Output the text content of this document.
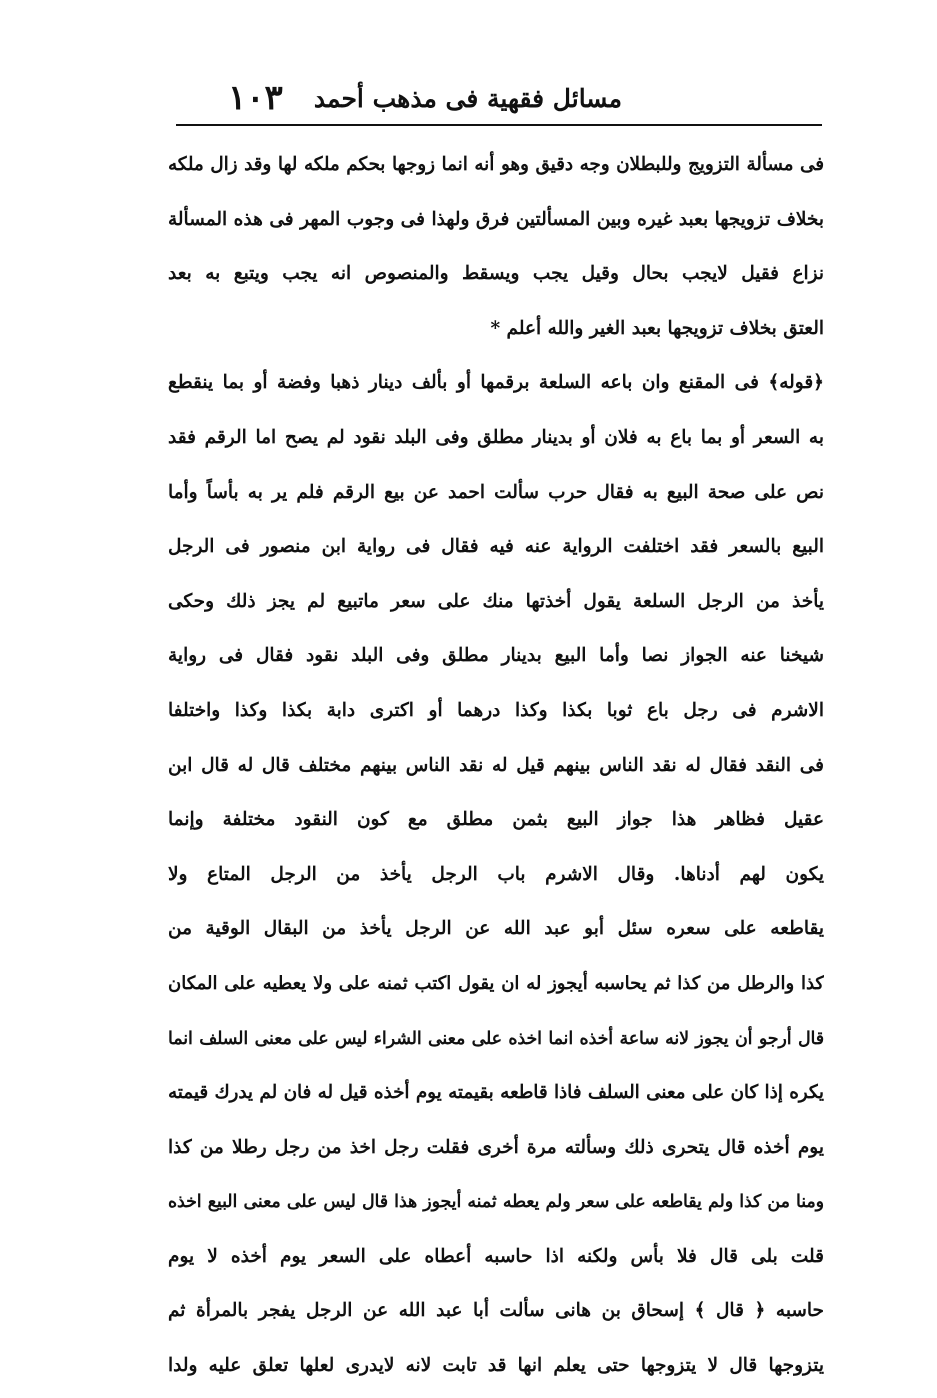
مسائل فقهية فى مذهب أحمد
١٠٣
فى مسألة التزويج وللبطلان وجه دقيق وهو أنه انما زوجها بحكم ملكه لها وقد زال ملكه
بخلاف تزويجها بعبد غيره وبين المسألتين فرق ولهذا فى وجوب المهر فى هذه المسألة
نزاع فقيل لايجب بحال وقيل يجب ويسقط والمنصوص انه يجب ويتبع به بعد
العتق بخلاف تزويجها بعبد الغير والله أعلم *
﴿قوله﴾ فى المقنع وان باعه السلعة برقمها أو بألف دينار ذهبا وفضة أو بما ينقطع
به السعر أو بما باع به فلان أو بدينار مطلق وفى البلد نقود لم يصح اما الرقم فقد
نص على صحة البيع به فقال حرب سألت احمد عن بيع الرقم فلم ير به بأساً وأما
البيع بالسعر فقد اختلفت الرواية عنه فيه فقال فى رواية ابن منصور فى الرجل
يأخذ من الرجل السلعة يقول أخذتها منك على سعر ماتبيع لم يجز ذلك وحكى
شيخنا عنه الجواز نصا وأما البيع بدينار مطلق وفى البلد نقود فقال فى رواية
الاشرم فى رجل باع ثوبا بكذا وكذا درهما أو اكترى دابة بكذا وكذا واختلفا
فى النقد فقال له نقد الناس بينهم قيل له نقد الناس بينهم مختلف قال له قال ابن
عقيل فظاهر هذا جواز البيع بثمن مطلق مع كون النقود مختلفة وإنما
يكون لهم أدناها. وقال الاشرم باب الرجل يأخذ من الرجل المتاع ولا
يقاطعه على سعره سئل أبو عبد الله عن الرجل يأخذ من البقال الوقية من
كذا والرطل من كذا ثم يحاسبه أيجوز له ان يقول اكتب ثمنه على ولا يعطيه على المكان
قال أرجو أن يجوز لانه ساعة أخذه انما اخذه على معنى الشراء ليس على معنى السلف انما
يكره إذا كان على معنى السلف فاذا قاطعه بقيمته يوم أخذه قيل له فان لم يدرك قيمته
يوم أخذه قال يتحرى ذلك وسألته مرة أخرى فقلت رجل اخذ من رجل رطلا من كذا
ومنا من كذا ولم يقاطعه على سعر ولم يعطه ثمنه أيجوز هذا قال ليس على معنى البيع اخذه
قلت بلى قال فلا بأس ولكنه اذا حاسبه أعطاه على السعر يوم أخذه لا يوم
حاسبه ﴿ قال ﴾ إسحاق بن هانى سألت أبا عبد الله عن الرجل يفجر بالمرأة ثم
يتزوجها قال لا يتزوجها حتى يعلم انها قد تابت لانه لايدرى لعلها تعلق عليه ولدا
